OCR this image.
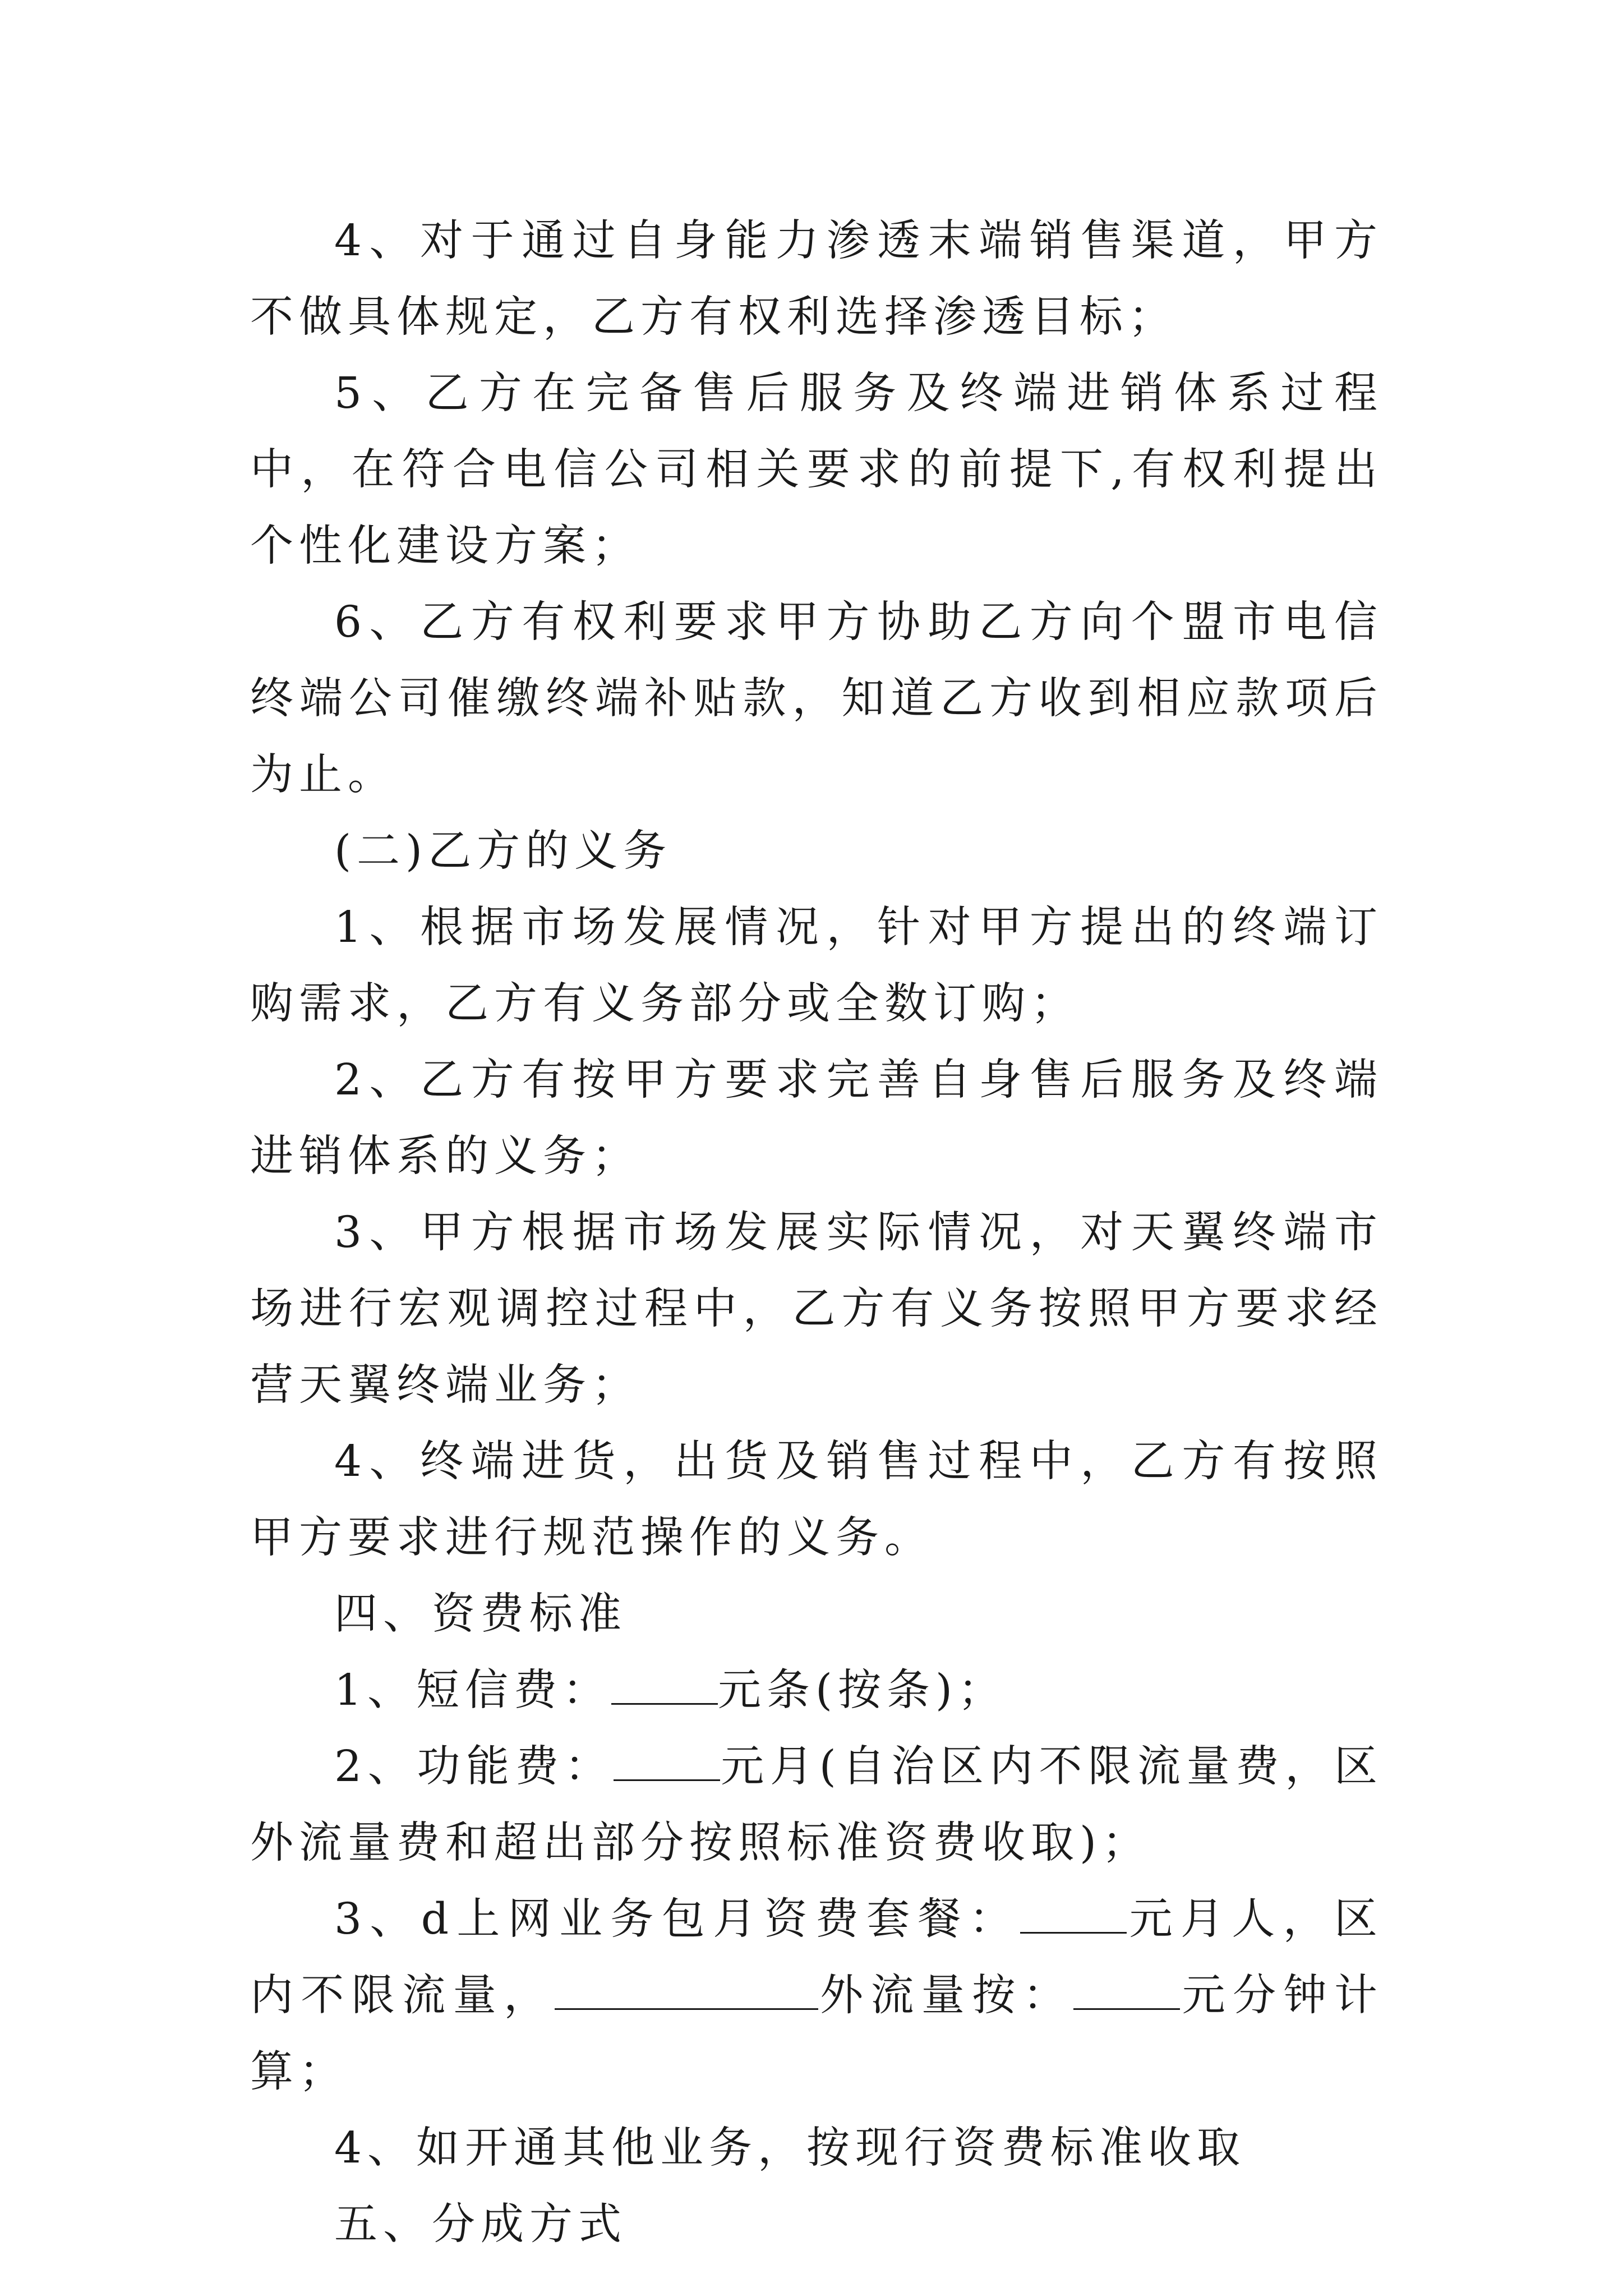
4、对于通过自身能力渗透末端销售渠道，甲方不做具体规定，乙方有权利选择渗透目标；

5、乙方在完备售后服务及终端进销体系过程中，在符合电信公司相关要求的前提下,有权利提出个性化建设方案；

6、乙方有权利要求甲方协助乙方向个盟市电信终端公司催缴终端补贴款，知道乙方收到相应款项后为止。

(二)乙方的义务

1、根据市场发展情况，针对甲方提出的终端订购需求，乙方有义务部分或全数订购；

2、乙方有按甲方要求完善自身售后服务及终端进销体系的义务；

3、甲方根据市场发展实际情况，对天翼终端市场进行宏观调控过程中，乙方有义务按照甲方要求经营天翼终端业务；

4、终端进货，出货及销售过程中，乙方有按照甲方要求进行规范操作的义务。

四、资费标准

1、短信费： 元条(按条)；

2、功能费： 元月(自治区内不限流量费，区外流量费和超出部分按照标准资费收取)；

3、d上网业务包月资费套餐： 元月人，区内不限流量，	外流量按： 元分钟计算；

4、如开通其他业务，按现行资费标准收取

五、分成方式
